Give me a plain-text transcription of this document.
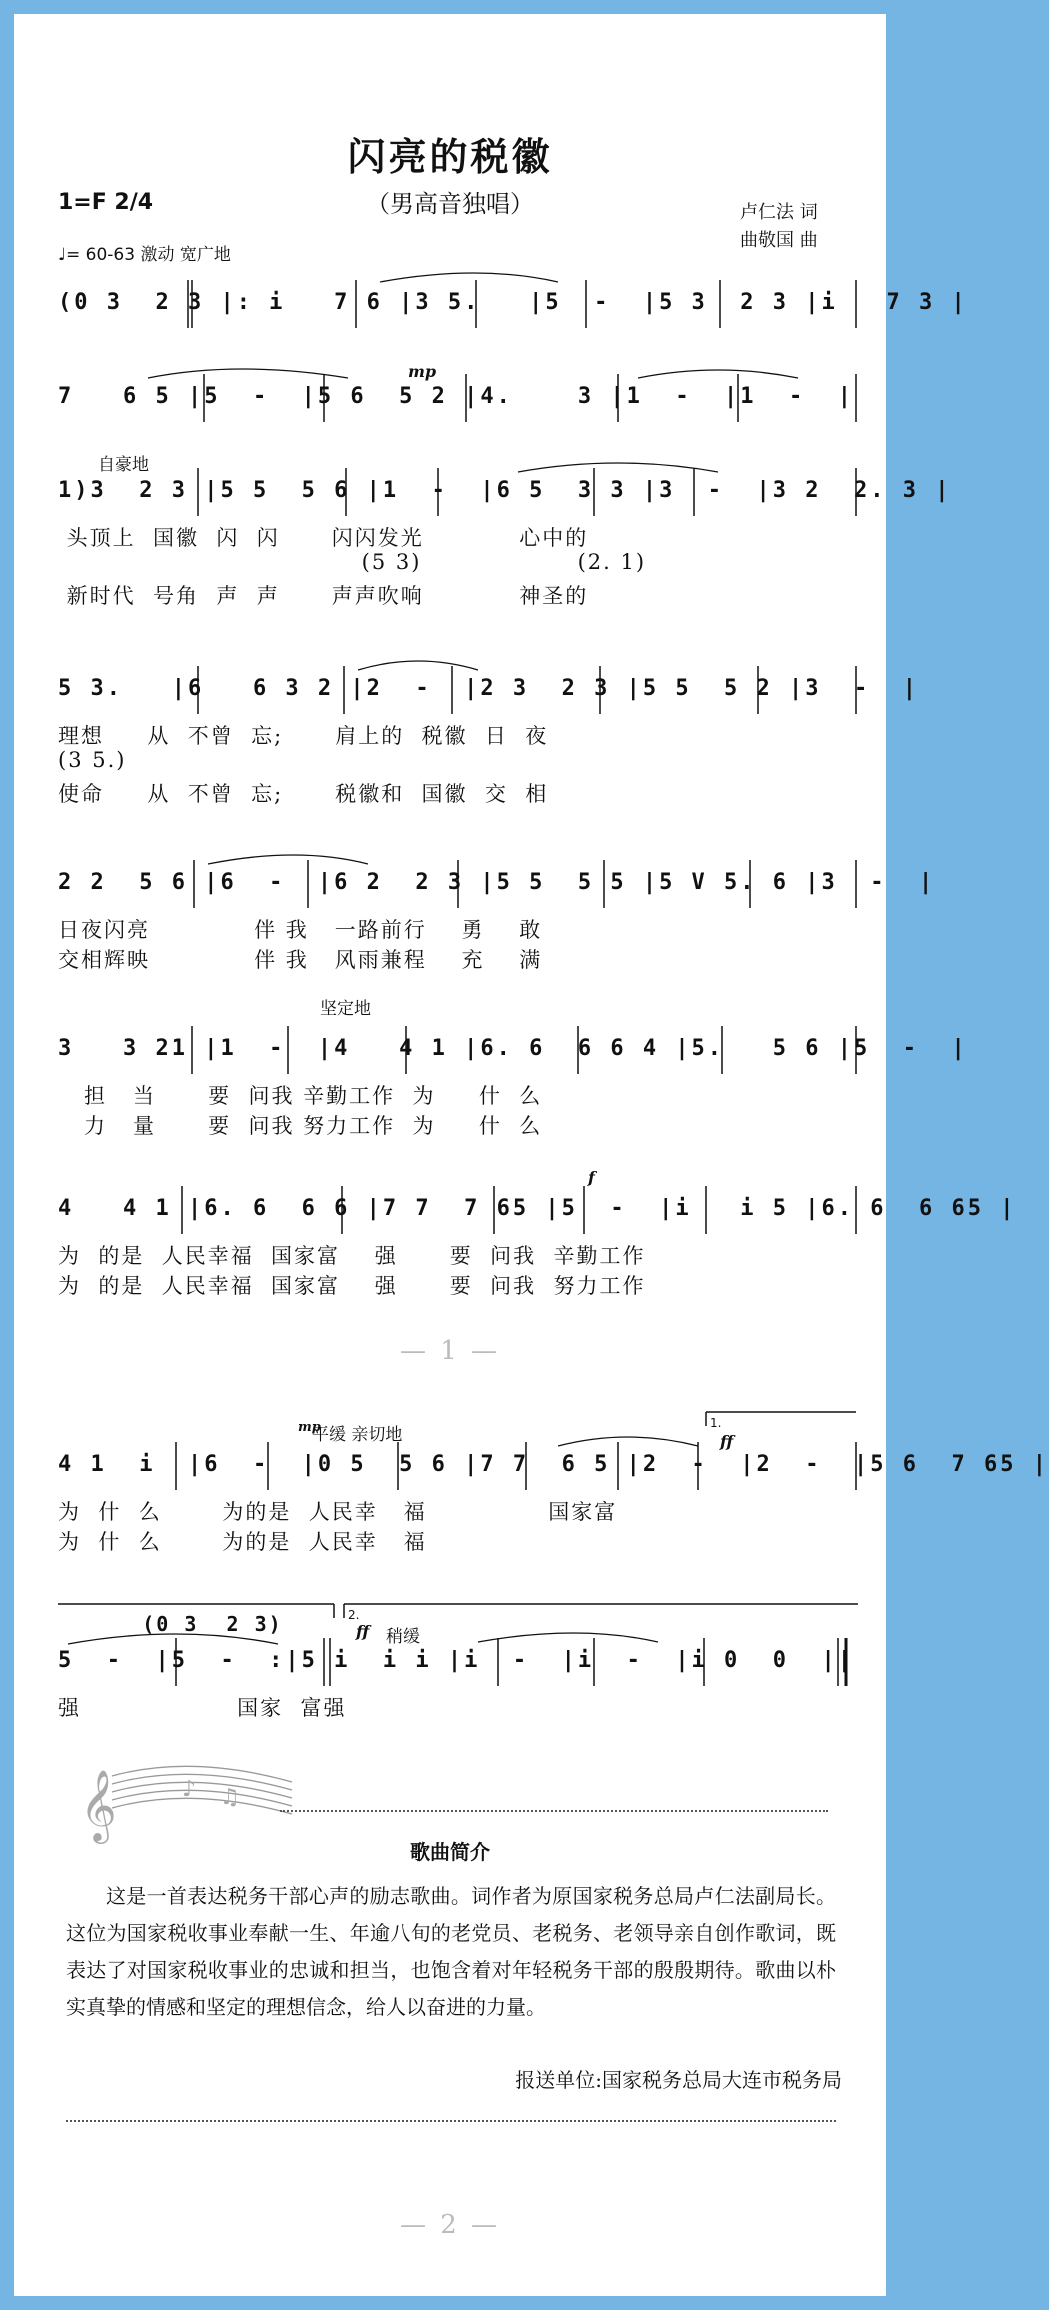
闪亮的税徽
（男高音独唱）
1=F 2/4
♩= 60-63 激动 宽广地
卢仁法 词
曲敬国 曲
(0 3  2 3 |: i   7 6 |3 5.   |5  -  |5 3  2 3 |i   7 3 |
mp
7   6 5 |5  -  |5 6  5 2 |4.    3 |1  -  |1  -  |
自豪地
1)3  2 3 |5 5  5 6 |1  -  |6 5  3 3 |3  -  |3 2  2. 3 |
头顶上  国徽  闪  闪      闪闪发光           心中的
(5 3)                  (2. 1)
新时代  号角  声  声      声声吹响           神圣的
5 3.   |6   6 3 2 |2  -  |2 3  2 3 |5 5  5 2 |3  -  |
理想     从  不曾  忘;      肩上的  税徽  日  夜
(3 5.)
使命     从  不曾  忘;      税徽和  国徽  交  相
2 2  5 6 |6  -  |6 2  2 3 |5 5  5 5 |5 V 5. 6 |3  -  |
日夜闪亮            伴 我   一路前行    勇    敢
交相辉映            伴 我   风雨兼程    充    满
坚定地
3   3 21 |1  -  |4   4 1 |6. 6  6 6 4 |5.   5 6 |5  -  |
担   当      要  问我 辛勤工作  为     什  么
力   量      要  问我 努力工作  为     什  么
f
4   4 1 |6. 6  6 6 |7 7  7 65 |5  -  |i   i 5 |6. 6  6 65 |
为  的是  人民幸福  国家富    强      要  问我  辛勤工作
为  的是  人民幸福  国家富    强      要  问我  努力工作
— 1 —
平缓 亲切地
mp	1.
ff
4 1  i  |6  -  |0 5  5 6 |7 7  6 5 |2  -  |2  -  |5 6  7 65 |
为  什  么       为的是  人民幸   福              国家富
为  什  么       为的是  人民幸   福
2.
ff 稍缓
(0 3  2 3)
5  -  |5  -  :|5 i  i i |i  -  |i  -  |i 0  0  ||
强                  国家  富强
𝄞	♪ ♫
歌曲简介
这是一首表达税务干部心声的励志歌曲。词作者为原国家税务总局卢仁法副局长。这位为国家税收事业奉献一生、年逾八旬的老党员、老税务、老领导亲自创作歌词，既表达了对国家税收事业的忠诚和担当，也饱含着对年轻税务干部的殷殷期待。歌曲以朴实真挚的情感和坚定的理想信念，给人以奋进的力量。
报送单位:国家税务总局大连市税务局
— 2 —
